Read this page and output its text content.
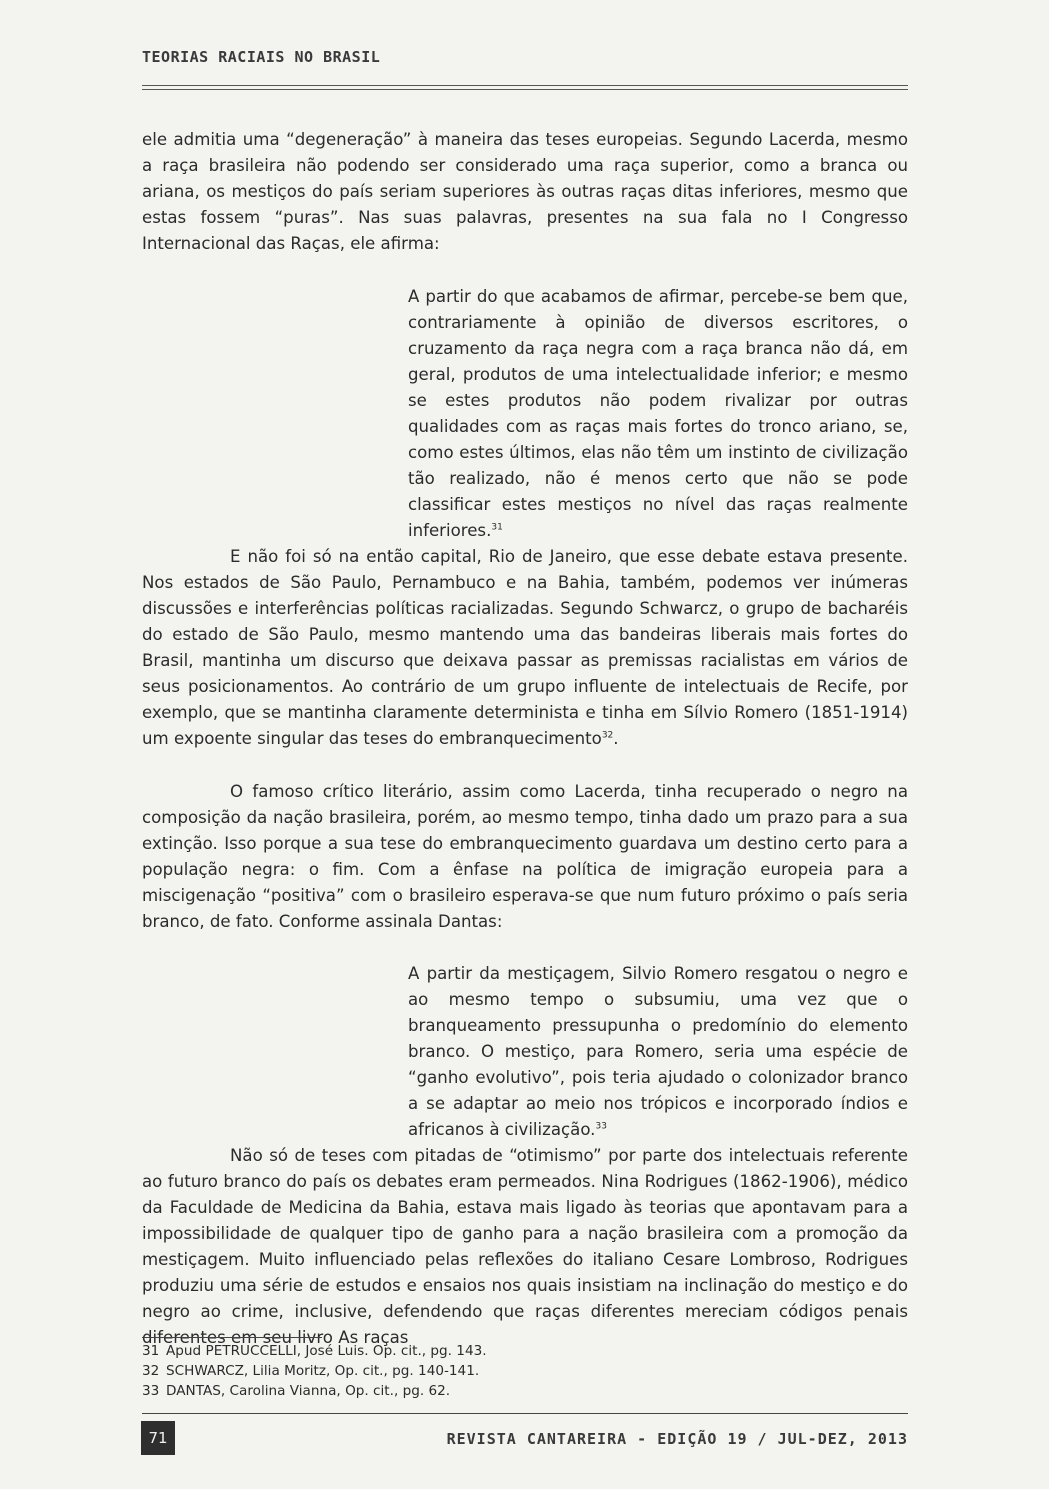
TEORIAS RACIAIS NO BRASIL

ele admitia uma “degeneração” à maneira das teses europeias. Segundo Lacerda, mesmo a raça brasileira não podendo ser considerado uma raça superior, como a branca ou ariana, os mestiços do país seriam superiores às outras raças ditas inferiores, mesmo que estas fossem “puras”. Nas suas palavras, presentes na sua fala no I Congresso Internacional das Raças, ele afirma:

A partir do que acabamos de afirmar, percebe-se bem que, contrariamente à opinião de diversos escritores, o cruzamento da raça negra com a raça branca não dá, em geral, produtos de uma intelectualidade inferior; e mesmo se estes produtos não podem rivalizar por outras qualidades com as raças mais fortes do tronco ariano, se, como estes últimos, elas não têm um instinto de civilização tão realizado, não é menos certo que não se pode classificar estes mestiços no nível das raças realmente inferiores.$^{31}$

E não foi só na então capital, Rio de Janeiro, que esse debate estava presente. Nos estados de São Paulo, Pernambuco e na Bahia, também, podemos ver inúmeras discussões e interferências políticas racializadas. Segundo Schwarcz, o grupo de bacharéis do estado de São Paulo, mesmo mantendo uma das bandeiras liberais mais fortes do Brasil, mantinha um discurso que deixava passar as premissas racialistas em vários de seus posicionamentos. Ao contrário de um grupo influente de intelectuais de Recife, por exemplo, que se mantinha claramente determinista e tinha em Sílvio Romero (1851-1914) um expoente singular das teses do embranquecimento$^{32}$.

O famoso crítico literário, assim como Lacerda, tinha recuperado o negro na composição da nação brasileira, porém, ao mesmo tempo, tinha dado um prazo para a sua extinção. Isso porque a sua tese do embranquecimento guardava um destino certo para a população negra: o fim. Com a ênfase na política de imigração europeia para a miscigenação “positiva” com o brasileiro esperava-se que num futuro próximo o país seria branco, de fato. Conforme assinala Dantas:

A partir da mestiçagem, Silvio Romero resgatou o negro e ao mesmo tempo o subsumiu, uma vez que o branqueamento pressupunha o predomínio do elemento branco. O mestiço, para Romero, seria uma espécie de “ganho evolutivo”, pois teria ajudado o colonizador branco a se adaptar ao meio nos trópicos e incorporado índios e africanos à civilização.$^{33}$

Não só de teses com pitadas de “otimismo” por parte dos intelectuais referente ao futuro branco do país os debates eram permeados. Nina Rodrigues (1862-1906), médico da Faculdade de Medicina da Bahia, estava mais ligado às teorias que apontavam para a impossibilidade de qualquer tipo de ganho para a nação brasileira com a promoção da mestiçagem. Muito influenciado pelas reflexões do italiano Cesare Lombroso, Rodrigues produziu uma série de estudos e ensaios nos quais insistiam na inclinação do mestiço e do negro ao crime, inclusive, defendendo que raças diferentes mereciam códigos penais diferentes em seu livro As raças

31 Apud PETRUCCELLI, José Luis. Op. cit., pg. 143.
32 SCHWARCZ, Lilia Moritz, Op. cit., pg. 140-141.
33 DANTAS, Carolina Vianna, Op. cit., pg. 62.
71	REVISTA CANTAREIRA - EDIÇÃO 19 / JUL-DEZ, 2013
